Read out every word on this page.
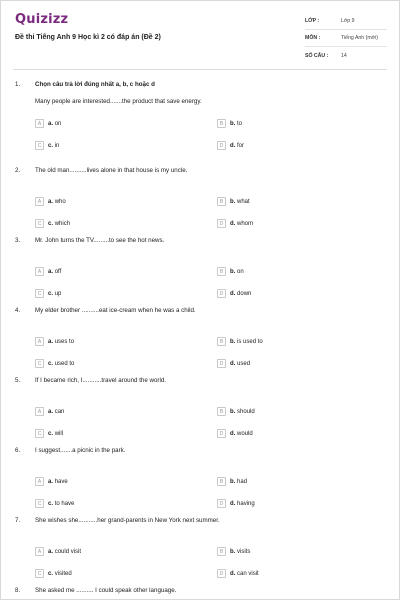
Quizizz
Đề thi Tiếng Anh 9 Học kì 2 có đáp án (Đề 2)
LỚP :	Lớp 9
MÔN :	Tiếng Anh (mới)
SỐ CÂU :	14
1. Chọn câu trả lời đúng nhất a, b, c hoặc d
Many people are interested.......the product that save energy.
A	a. on	B	b. to
C	c. in	D	d. for
2. The old man..........lives alone in that house is my uncle.
A	a. who	B	b. what
C	c. which	D	d. whom
3. Mr. John turns the TV.........to see the hot news.
A	a. off	B	b. on
C	c. up	D	d. down
4. My elder brother ..........eat ice-cream when he was a child.
A	a. uses to	B	b. is used to
C	c. used to	D	d. used
5. If I became rich, I...........travel around the world.
A	a. can	B	b. should
C	c. will	D	d. would
6. I suggest.......a picnic in the park.
A	a. have	B	b. had
C	c. to have	D	d. having
7. She wishes she...........her grand-parents in New York next summer.
A	a. could visit	B	b. visits
C	c. visited	D	d. can visit
8. She asked me .......... I could speak other language.
